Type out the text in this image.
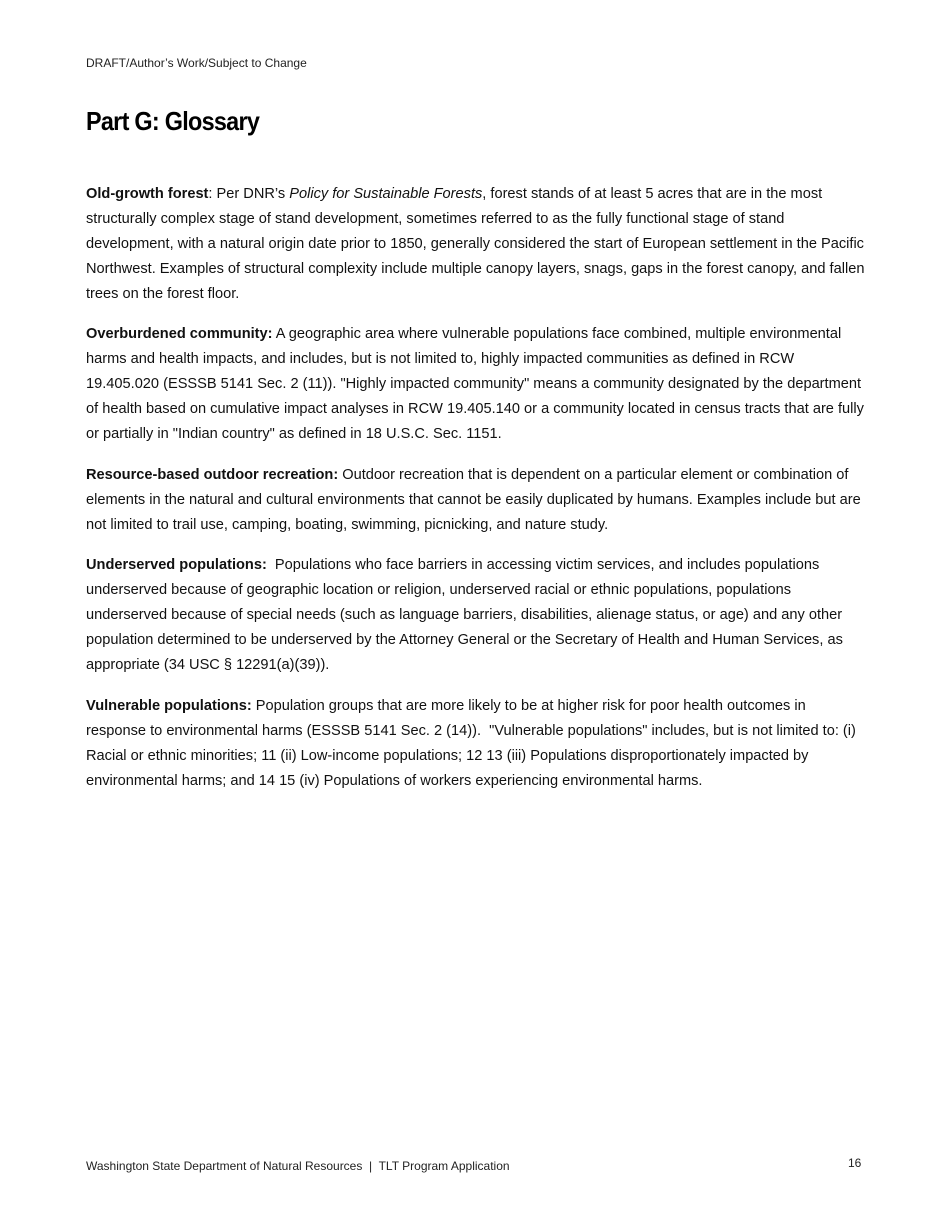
DRAFT/Author’s Work/Subject to Change
Part G: Glossary

Old-growth forest: Per DNR’s Policy for Sustainable Forests, forest stands of at least 5 acres that are in the most structurally complex stage of stand development, sometimes referred to as the fully functional stage of stand development, with a natural origin date prior to 1850, generally considered the start of European settlement in the Pacific Northwest. Examples of structural complexity include multiple canopy layers, snags, gaps in the forest canopy, and fallen trees on the forest floor.

Overburdened community: A geographic area where vulnerable populations face combined, multiple environmental harms and health impacts, and includes, but is not limited to, highly impacted communities as defined in RCW 19.405.020 (ESSSB 5141 Sec. 2 (11)). "Highly impacted community" means a community designated by the department of health based on cumulative impact analyses in RCW 19.405.140 or a community located in census tracts that are fully or partially in "Indian country" as defined in 18 U.S.C. Sec. 1151.

Resource-based outdoor recreation: Outdoor recreation that is dependent on a particular element or combination of elements in the natural and cultural environments that cannot be easily duplicated by humans. Examples include but are not limited to trail use, camping, boating, swimming, picnicking, and nature study.

Underserved populations:  Populations who face barriers in accessing victim services, and includes populations underserved because of geographic location or religion, underserved racial or ethnic populations, populations underserved because of special needs (such as language barriers, disabilities, alienage status, or age) and any other population determined to be underserved by the Attorney General or the Secretary of Health and Human Services, as appropriate (34 USC § 12291(a)(39)).

Vulnerable populations: Population groups that are more likely to be at higher risk for poor health outcomes in response to environmental harms (ESSSB 5141 Sec. 2 (14)).  "Vulnerable populations" includes, but is not limited to: (i) Racial or ethnic minorities; 11 (ii) Low-income populations; 12 13 (iii) Populations disproportionately impacted by environmental harms; and 14 15 (iv) Populations of workers experiencing environmental harms.

Washington State Department of Natural Resources  |  TLT Program Application	16
